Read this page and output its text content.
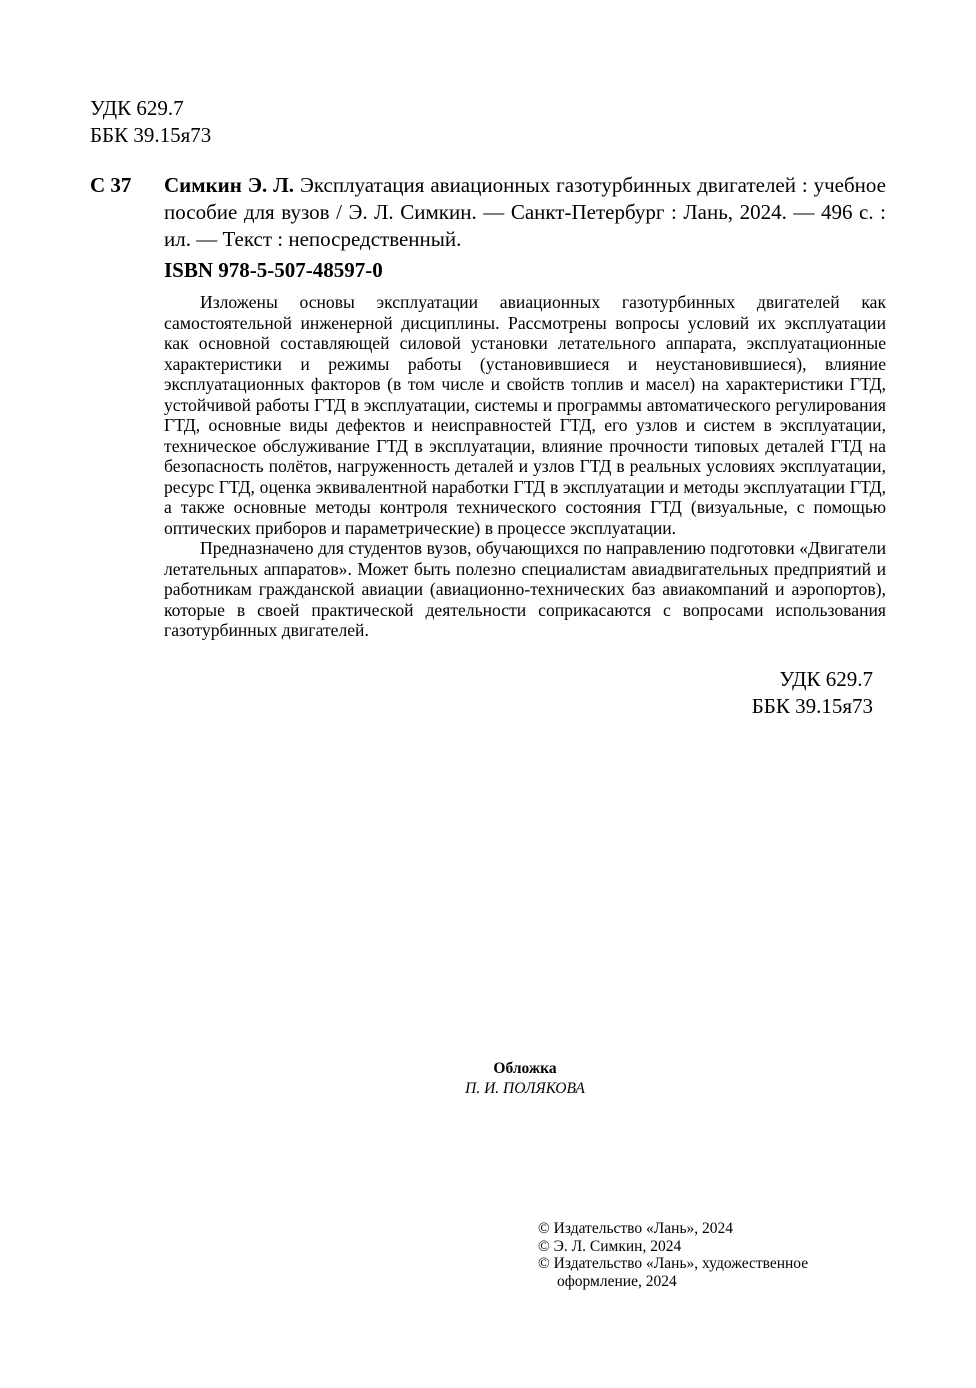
УДК 629.7
ББК 39.15я73
С 37 Симкин Э. Л. Эксплуатация авиационных газотурбинных двигателей : учебное пособие для вузов / Э. Л. Симкин. — Санкт-Петербург : Лань, 2024. — 496 с. : ил. — Текст : непосредственный.
ISBN 978-5-507-48597-0

Изложены основы эксплуатации авиационных газотурбинных двигателей как самостоятельной инженерной дисциплины. Рассмотрены вопросы условий их эксплуатации как основной составляющей силовой установки летательного аппарата, эксплуатационные характеристики и режимы работы (установившиеся и неустановившиеся), влияние эксплуатационных факторов (в том числе и свойств топлив и масел) на характеристики ГТД, устойчивой работы ГТД в эксплуатации, системы и программы автоматического регулирования ГТД, основные виды дефектов и неисправностей ГТД, его узлов и систем в эксплуатации, техническое обслуживание ГТД в эксплуатации, влияние прочности типовых деталей ГТД на безопасность полётов, нагруженность деталей и узлов ГТД в реальных условиях эксплуатации, ресурс ГТД, оценка эквивалентной наработки ГТД в эксплуатации и методы эксплуатации ГТД, а также основные методы контроля технического состояния ГТД (визуальные, с помощью оптических приборов и параметрические) в процессе эксплуатации.

Предназначено для студентов вузов, обучающихся по направлению подготовки «Двигатели летательных аппаратов». Может быть полезно специалистам авиадвигательных предприятий и работникам гражданской авиации (авиационно-технических баз авиакомпаний и аэропортов), которые в своей практической деятельности соприкасаются с вопросами использования газотурбинных двигателей.

УДК 629.7
ББК 39.15я73
Обложка
П. И. ПОЛЯКОВА
© Издательство «Лань», 2024
© Э. Л. Симкин, 2024
© Издательство «Лань», художественное
оформление, 2024
